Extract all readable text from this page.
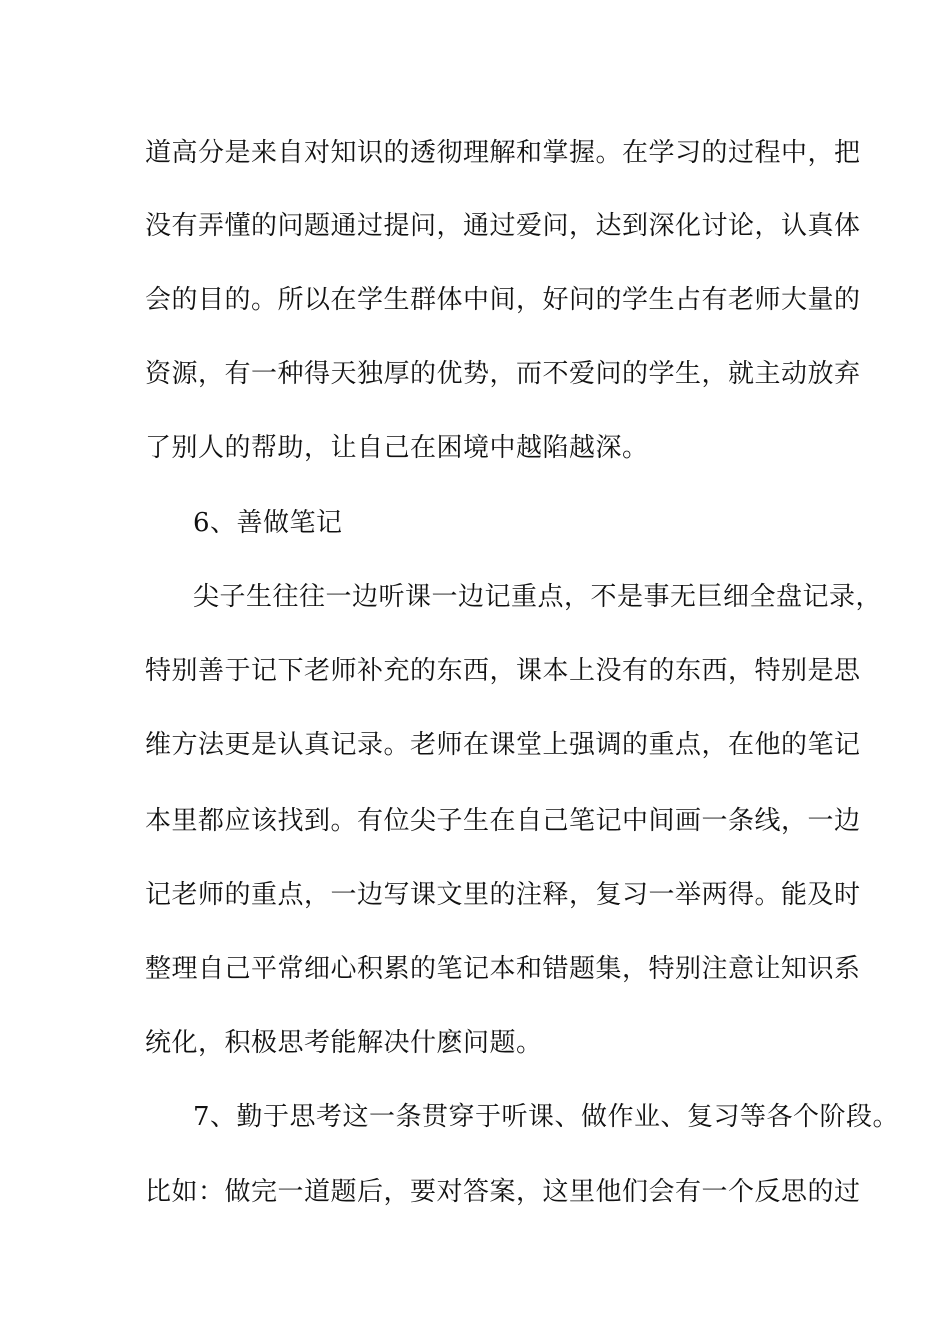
道高分是来自对知识的透彻理解和掌握。在学习的过程中，把
没有弄懂的问题通过提问，通过爱问，达到深化讨论，认真体
会的目的。所以在学生群体中间，好问的学生占有老师大量的
资源，有一种得天独厚的优势，而不爱问的学生，就主动放弃
了别人的帮助，让自己在困境中越陷越深。
6、善做笔记
尖子生往往一边听课一边记重点，不是事无巨细全盘记录，
特别善于记下老师补充的东西，课本上没有的东西，特别是思
维方法更是认真记录。老师在课堂上强调的重点，在他的笔记
本里都应该找到。有位尖子生在自己笔记中间画一条线，一边
记老师的重点，一边写课文里的注释，复习一举两得。能及时
整理自己平常细心积累的笔记本和错题集，特别注意让知识系
统化，积极思考能解决什麽问题。
7、勤于思考这一条贯穿于听课、做作业、复习等各个阶段。
比如：做完一道题后，要对答案，这里他们会有一个反思的过
